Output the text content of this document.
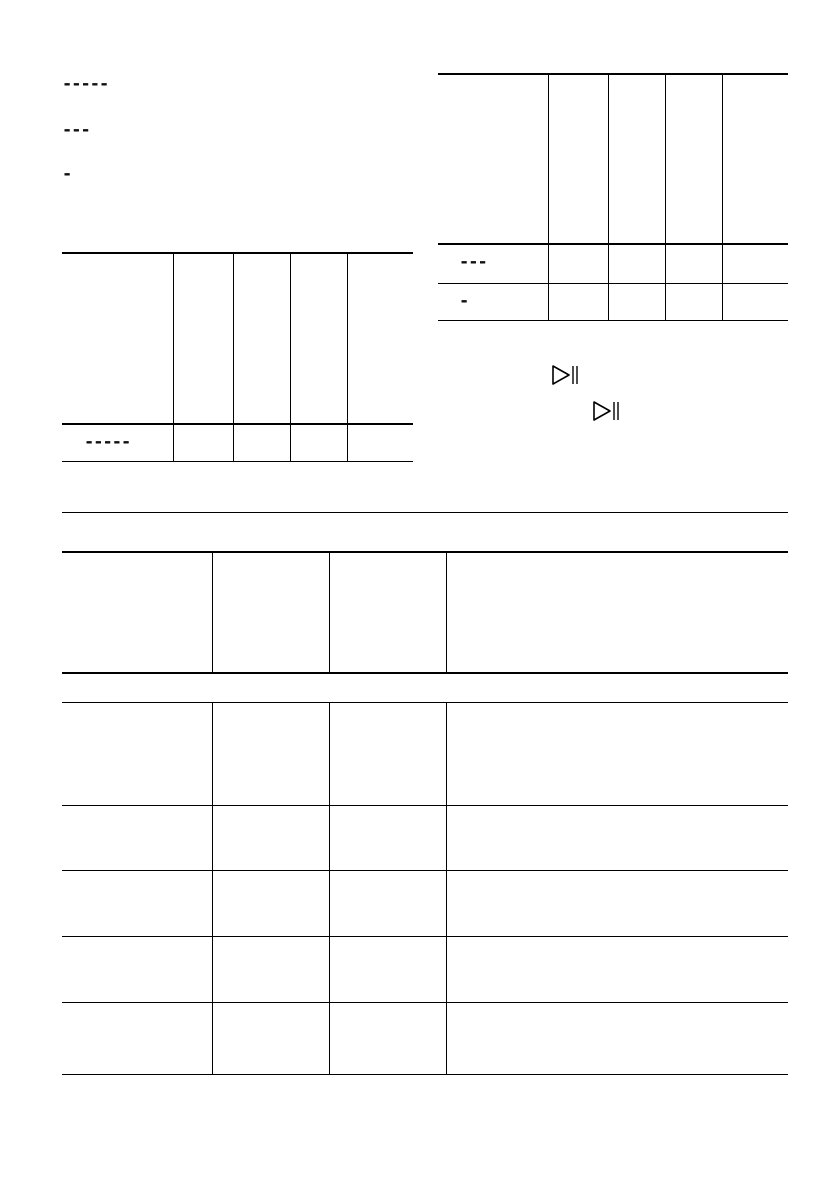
-----
---
-
-----
---
-
